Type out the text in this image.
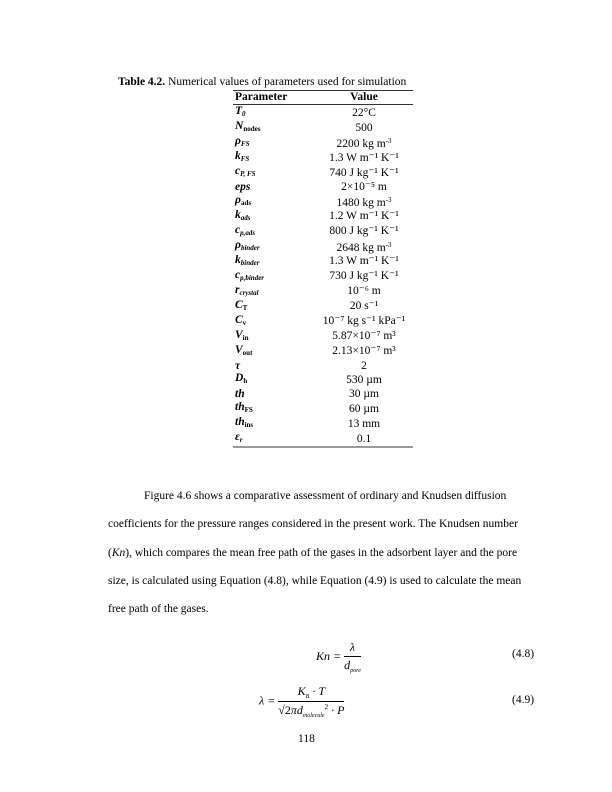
Table 4.2. Numerical values of parameters used for simulation
Parameter	Value
$T_0$	22°C
$N_{nodes}$	500
$\rho_{FS}$	2200 kg $m^{-3}$
$k_{FS}$	1.3 W m⁻¹ K⁻¹
$c_{P, FS}$	740 J kg⁻¹ K⁻¹
eps	2×10⁻⁵ m
$\rho_{ads}$	1480 kg $m^{-3}$
$k_{ads}$	1.2 W m⁻¹ K⁻¹
$c_{p,ads}$	800 J kg⁻¹ K⁻¹
$\rho_{binder}$	2648 kg $m^{-3}$
$k_{binder}$	1.3 W m⁻¹ K⁻¹
$c_{p,binder}$	730 J kg⁻¹ K⁻¹
$r_{crystal}$	10⁻⁶ m
$C_T$	20 s⁻¹
$C_v$	10⁻⁷ kg s⁻¹ kPa⁻¹
$V_{in}$	5.87×10⁻⁷ m³
$V_{out}$	2.13×10⁻⁷ m³
τ	2
$D_h$	530 µm
th	30 µm
$th_{FS}$	60 µm
$th_{ins}$	13 mm
$\varepsilon_r$	0.1
Figure 4.6 shows a comparative assessment of ordinary and Knudsen diffusion
coefficients for the pressure ranges considered in the present work. The Knudsen number
(Kn), which compares the mean free path of the gases in the adsorbent layer and the pore
size, is calculated using Equation (4.8), while Equation (4.9) is used to calculate the mean
free path of the gases.
$Kn = \frac{\lambda}{d_{pore}}$	(4.8)
$\lambda = \frac{K_B \cdot T}{√2\pi d_{molecule}^2 \cdot P}$	(4.9)
118
